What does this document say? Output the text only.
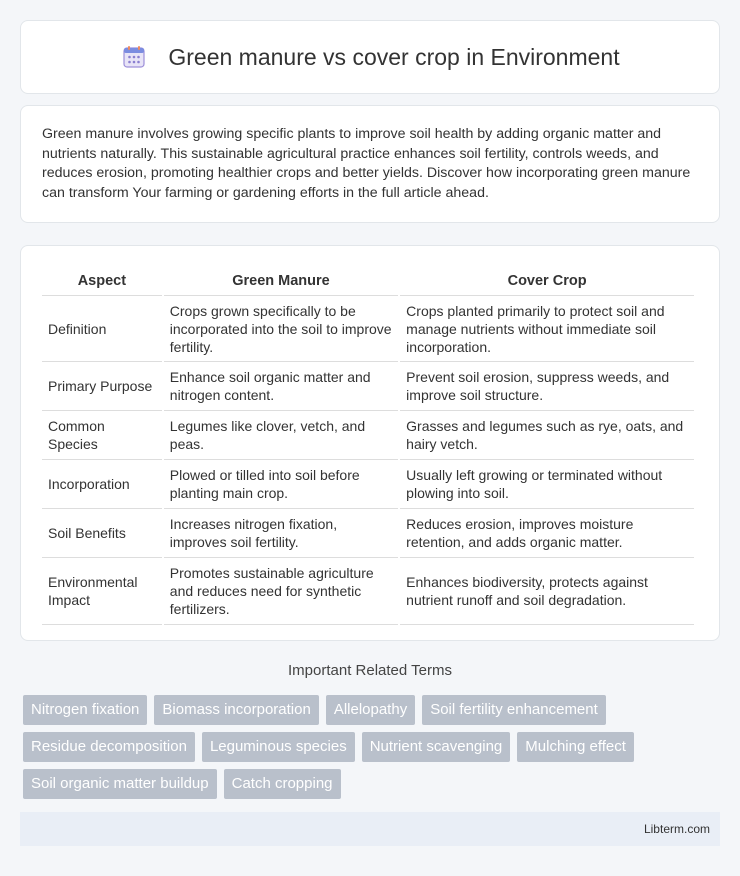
Green manure vs cover crop in Environment

Green manure involves growing specific plants to improve soil health by adding organic matter and nutrients naturally. This sustainable agricultural practice enhances soil fertility, controls weeds, and reduces erosion, promoting healthier crops and better yields. Discover how incorporating green manure can transform Your farming or gardening efforts in the full article ahead.

Aspect	Green Manure	Cover Crop
Definition	Crops grown specifically to be incorporated into the soil to improve fertility.	Crops planted primarily to protect soil and manage nutrients without immediate soil incorporation.
Primary Purpose	Enhance soil organic matter and nitrogen content.	Prevent soil erosion, suppress weeds, and improve soil structure.
Common Species	Legumes like clover, vetch, and peas.	Grasses and legumes such as rye, oats, and hairy vetch.
Incorporation	Plowed or tilled into soil before planting main crop.	Usually left growing or terminated without plowing into soil.
Soil Benefits	Increases nitrogen fixation, improves soil fertility.	Reduces erosion, improves moisture retention, and adds organic matter.
Environmental Impact	Promotes sustainable agriculture and reduces need for synthetic fertilizers.	Enhances biodiversity, protects against nutrient runoff and soil degradation.
Important Related Terms
Nitrogen fixation	Biomass incorporation	Allelopathy	Soil fertility enhancement
Residue decomposition	Leguminous species	Nutrient scavenging	Mulching effect
Soil organic matter buildup	Catch cropping
Libterm.com
